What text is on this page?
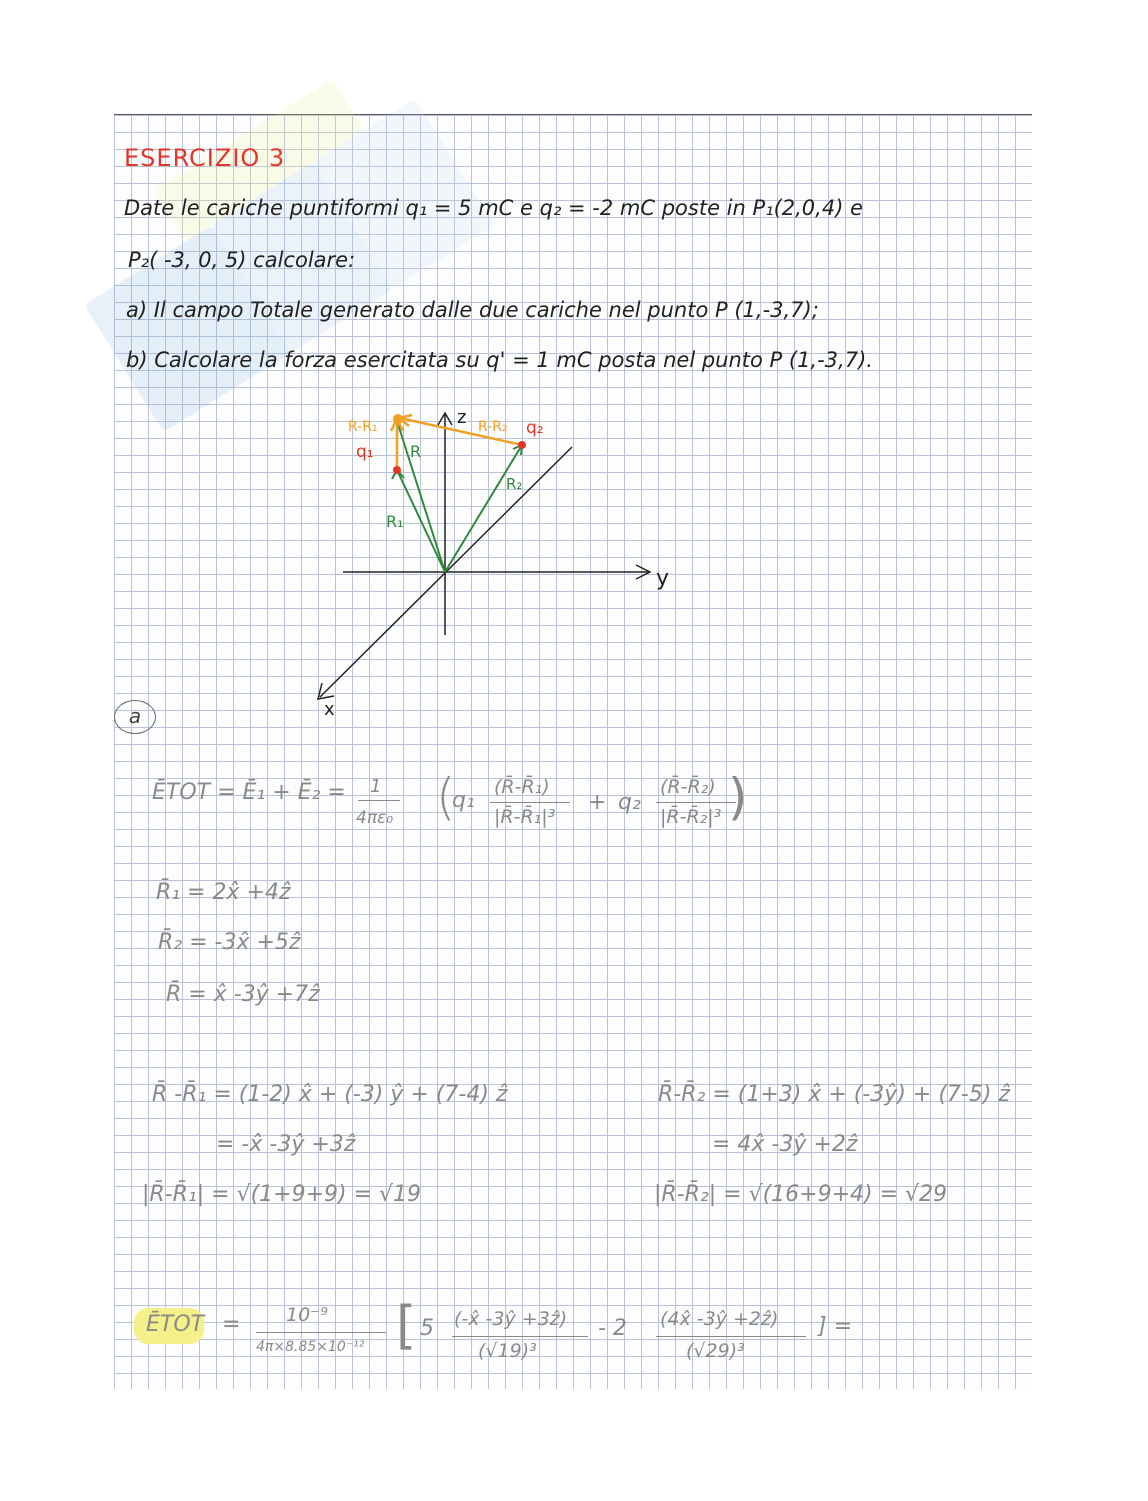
ESERCIZIO 3
Date le cariche puntiformi q₁ = 5 mC e q₂ = -2 mC poste in P₁(2,0,4) e
P₂( -3, 0, 5) calcolare:
a) Il campo Totale generato dalle due cariche nel punto P (1,-3,7);
b) Calcolare la forza esercitata su q' = 1 mC posta nel punto P (1,-3,7).
z
y
x
R-R₁	R-R₂
q₁
q₂
R
R₁
R₂
a
ĒTOT = Ē₁ + Ē₂ = 1
4πε₀ (
q₁
(R̄-R̄₁)
|R̄-R̄₁|³
+ q₂
(R̄-R̄₂)
|R̄-R̄₂|³ )
R̄₁ = 2x̂ +4ẑ
R̄₂ = -3x̂ +5ẑ
R̄ = x̂ -3ŷ +7ẑ
R̄ -R̄₁ = (1-2) x̂ + (-3) ŷ + (7-4) ẑ
= -x̂ -3ŷ +3ẑ
|R̄-R̄₁| = √(1+9+9) = √19
R̄-R̄₂ = (1+3) x̂ + (-3ŷ) + (7-5) ẑ
= 4x̂ -3ŷ +2ẑ
|R̄-R̄₂| = √(16+9+4) = √29
ĒTOT = 10⁻⁹
4π×8.85×10⁻¹² [ 5 (-x̂ -3ŷ +3ẑ)
(√19)³
- 2 (4x̂ -3ŷ +2ẑ)
(√29)³
] =
